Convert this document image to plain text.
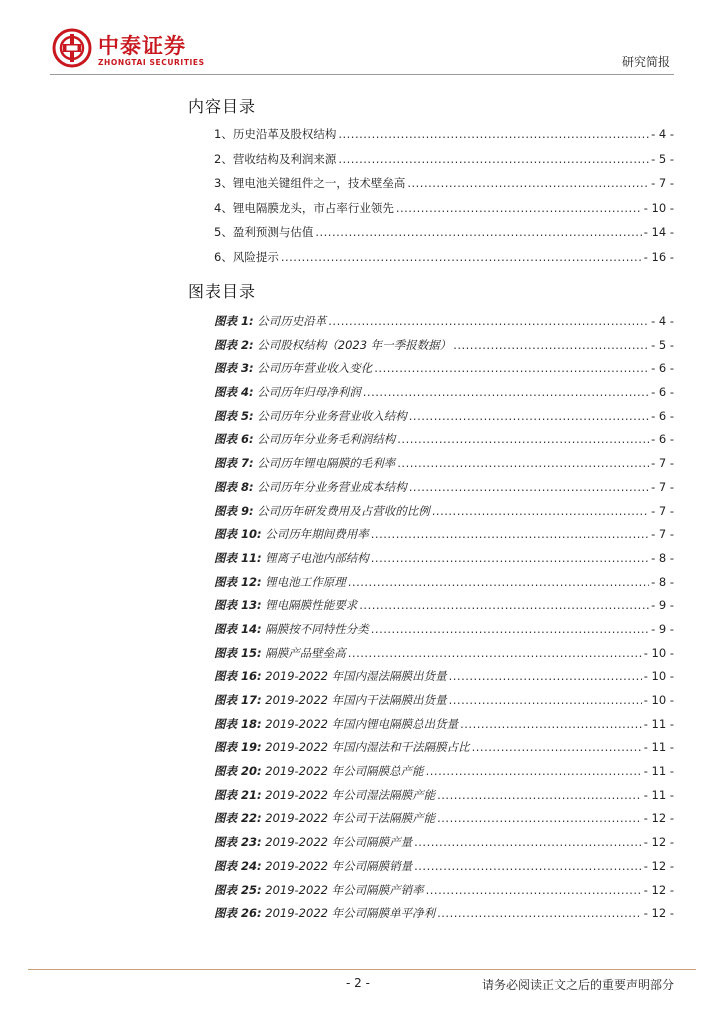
中泰证券
ZHONGTAI SECURITIES	研究简报
内容目录
1、历史沿革及股权结构 .....	- 4 -
2、营收结构及利润来源 .....	- 5 -
3、锂电池关键组件之一，技术壁垒高 .....	- 7 -
4、锂电隔膜龙头，市占率行业领先 .....	- 10 -
5、盈利预测与估值 .....	- 14 -
6、风险提示 .....	- 16 -
图表目录
图表 1: 公司历史沿革 .....	- 4 -
图表 2: 公司股权结构（2023 年一季报数据） .....	- 5 -
图表 3: 公司历年营业收入变化 .....	- 6 -
图表 4: 公司历年归母净利润 .....	- 6 -
图表 5: 公司历年分业务营业收入结构 .....	- 6 -
图表 6: 公司历年分业务毛利润结构 .....	- 6 -
图表 7: 公司历年锂电隔膜的毛利率 .....	- 7 -
图表 8: 公司历年分业务营业成本结构 .....	- 7 -
图表 9: 公司历年研发费用及占营收的比例 .....	- 7 -
图表 10: 公司历年期间费用率 .....	- 7 -
图表 11: 锂离子电池内部结构 .....	- 8 -
图表 12: 锂电池工作原理 .....	- 8 -
图表 13: 锂电隔膜性能要求 .....	- 9 -
图表 14: 隔膜按不同特性分类 .....	- 9 -
图表 15: 隔膜产品壁垒高 .....	- 10 -
图表 16: 2019-2022 年国内湿法隔膜出货量 .....	- 10 -
图表 17: 2019-2022 年国内干法隔膜出货量 .....	- 10 -
图表 18: 2019-2022 年国内锂电隔膜总出货量 .....	- 11 -
图表 19: 2019-2022 年国内湿法和干法隔膜占比 .....	- 11 -
图表 20: 2019-2022 年公司隔膜总产能 .....	- 11 -
图表 21: 2019-2022 年公司湿法隔膜产能 .....	- 11 -
图表 22: 2019-2022 年公司干法隔膜产能 .....	- 12 -
图表 23: 2019-2022 年公司隔膜产量 .....	- 12 -
图表 24: 2019-2022 年公司隔膜销量 .....	- 12 -
图表 25: 2019-2022 年公司隔膜产销率 .....	- 12 -
图表 26: 2019-2022 年公司隔膜单平净利 .....	- 12 -
- 2 -	请务必阅读正文之后的重要声明部分
